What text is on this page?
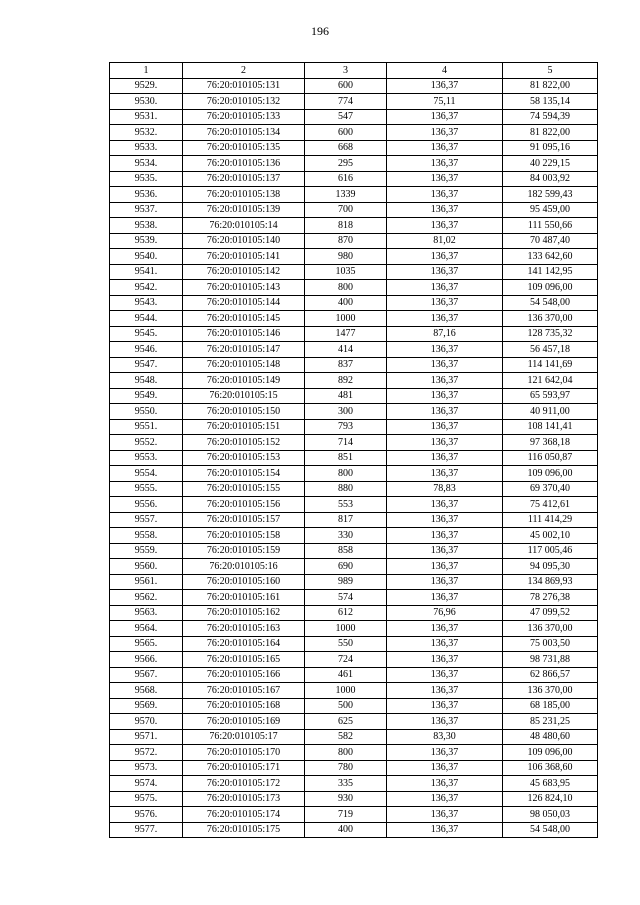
196
1	2	3	4	5
9529.	76:20:010105:131	600	136,37	81 822,00
9530.	76:20:010105:132	774	75,11	58 135,14
9531.	76:20:010105:133	547	136,37	74 594,39
9532.	76:20:010105:134	600	136,37	81 822,00
9533.	76:20:010105:135	668	136,37	91 095,16
9534.	76:20:010105:136	295	136,37	40 229,15
9535.	76:20:010105:137	616	136,37	84 003,92
9536.	76:20:010105:138	1339	136,37	182 599,43
9537.	76:20:010105:139	700	136,37	95 459,00
9538.	76:20:010105:14	818	136,37	111 550,66
9539.	76:20:010105:140	870	81,02	70 487,40
9540.	76:20:010105:141	980	136,37	133 642,60
9541.	76:20:010105:142	1035	136,37	141 142,95
9542.	76:20:010105:143	800	136,37	109 096,00
9543.	76:20:010105:144	400	136,37	54 548,00
9544.	76:20:010105:145	1000	136,37	136 370,00
9545.	76:20:010105:146	1477	87,16	128 735,32
9546.	76:20:010105:147	414	136,37	56 457,18
9547.	76:20:010105:148	837	136,37	114 141,69
9548.	76:20:010105:149	892	136,37	121 642,04
9549.	76:20:010105:15	481	136,37	65 593,97
9550.	76:20:010105:150	300	136,37	40 911,00
9551.	76:20:010105:151	793	136,37	108 141,41
9552.	76:20:010105:152	714	136,37	97 368,18
9553.	76:20:010105:153	851	136,37	116 050,87
9554.	76:20:010105:154	800	136,37	109 096,00
9555.	76:20:010105:155	880	78,83	69 370,40
9556.	76:20:010105:156	553	136,37	75 412,61
9557.	76:20:010105:157	817	136,37	111 414,29
9558.	76:20:010105:158	330	136,37	45 002,10
9559.	76:20:010105:159	858	136,37	117 005,46
9560.	76:20:010105:16	690	136,37	94 095,30
9561.	76:20:010105:160	989	136,37	134 869,93
9562.	76:20:010105:161	574	136,37	78 276,38
9563.	76:20:010105:162	612	76,96	47 099,52
9564.	76:20:010105:163	1000	136,37	136 370,00
9565.	76:20:010105:164	550	136,37	75 003,50
9566.	76:20:010105:165	724	136,37	98 731,88
9567.	76:20:010105:166	461	136,37	62 866,57
9568.	76:20:010105:167	1000	136,37	136 370,00
9569.	76:20:010105:168	500	136,37	68 185,00
9570.	76:20:010105:169	625	136,37	85 231,25
9571.	76:20:010105:17	582	83,30	48 480,60
9572.	76:20:010105:170	800	136,37	109 096,00
9573.	76:20:010105:171	780	136,37	106 368,60
9574.	76:20:010105:172	335	136,37	45 683,95
9575.	76:20:010105:173	930	136,37	126 824,10
9576.	76:20:010105:174	719	136,37	98 050,03
9577.	76:20:010105:175	400	136,37	54 548,00
